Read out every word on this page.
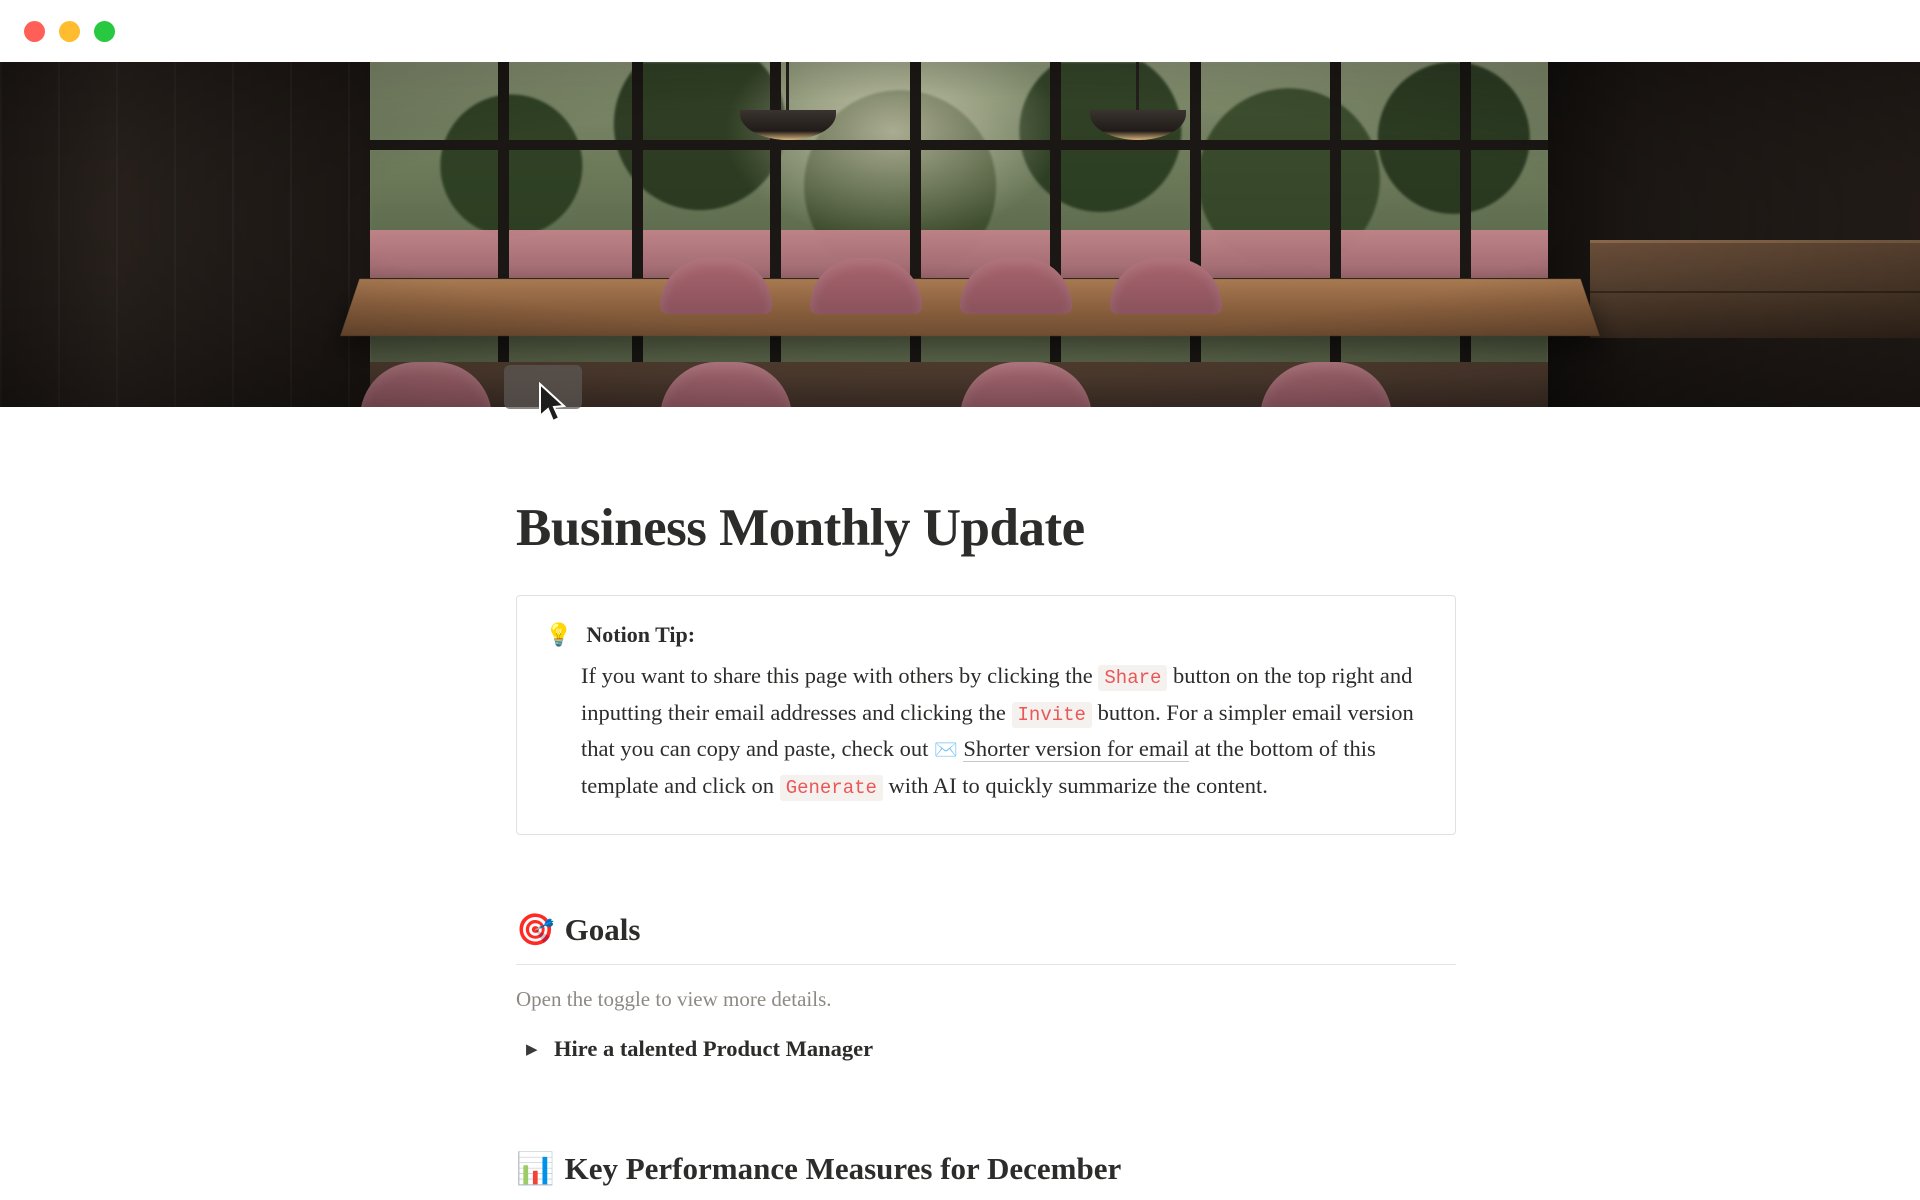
Business Monthly Update
💡 Notion Tip:
If you want to share this page with others by clicking the Share button on the top right and inputting their email addresses and clicking the Invite button. For a simpler email version that you can copy and paste, check out ✉️ Shorter version for email at the bottom of this template and click on Generate with AI to quickly summarize the content.
🎯 Goals
Open the toggle to view more details.
▶ Hire a talented Product Manager
📊 Key Performance Measures for December
